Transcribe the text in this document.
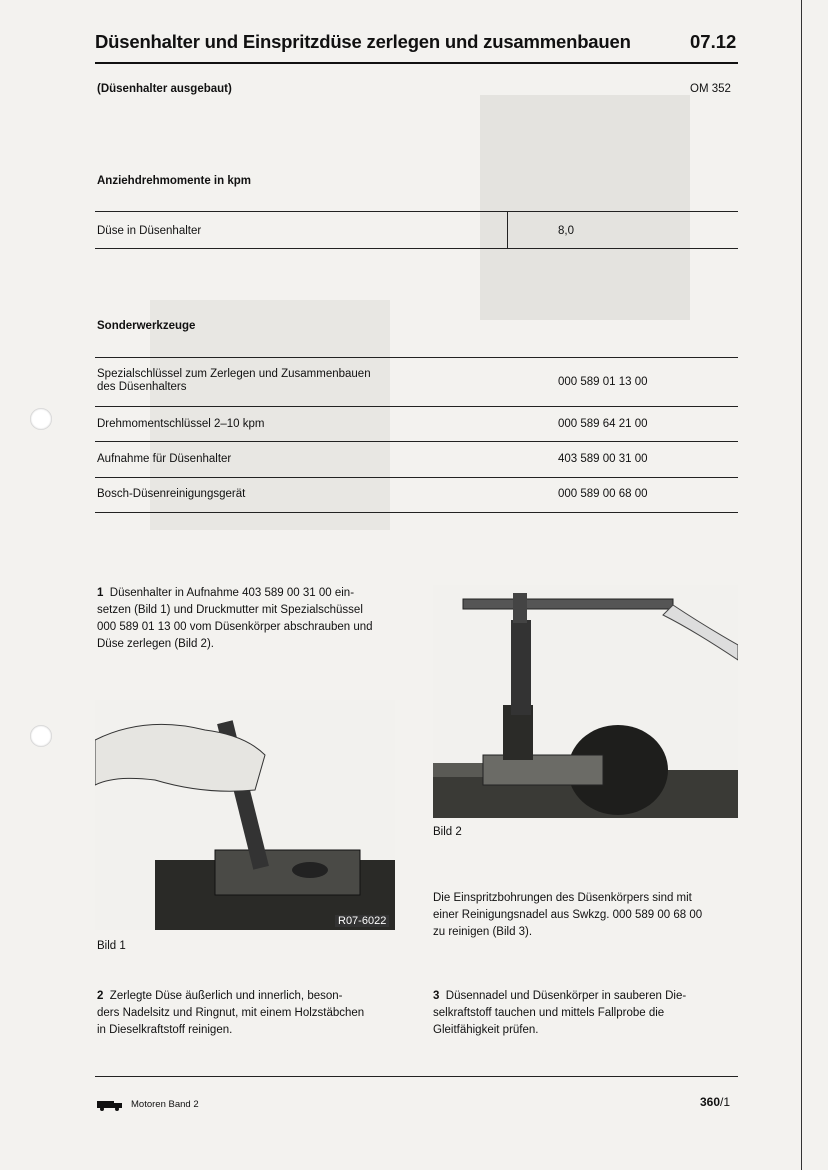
Düsenhalter und Einspritzdüse zerlegen und zusammenbauen	07.12
(Düsenhalter ausgebaut)	OM 352
Anziehdrehmomente in kpm
Düse in Düsenhalter	8,0
Sonderwerkzeuge
Spezialschlüssel zum Zerlegen und Zusammenbauen
des Düsenhalters	000 589 01 13 00
Drehmomentschlüssel 2–10 kpm	000 589 64 21 00
Aufnahme für Düsenhalter	403 589 00 31 00
Bosch-Düsenreinigungsgerät	000 589 00 68 00
1 Düsenhalter in Aufnahme 403 589 00 31 00 ein-
setzen (Bild 1) und Druckmutter mit Spezialschüssel
000 589 01 13 00 vom Düsenkörper abschrauben und
Düse zerlegen (Bild 2).
Bild 2
R07-6022
Bild 1
Die Einspritzbohrungen des Düsenkörpers sind mit
einer Reinigungsnadel aus Swkzg. 000 589 00 68 00
zu reinigen (Bild 3).
2 Zerlegte Düse äußerlich und innerlich, beson-
ders Nadelsitz und Ringnut, mit einem Holzstäbchen
in Dieselkraftstoff reinigen.
3 Düsennadel und Düsenkörper in sauberen Die-
selkraftstoff tauchen und mittels Fallprobe die
Gleitfähigkeit prüfen.
Motoren Band 2	360/1
